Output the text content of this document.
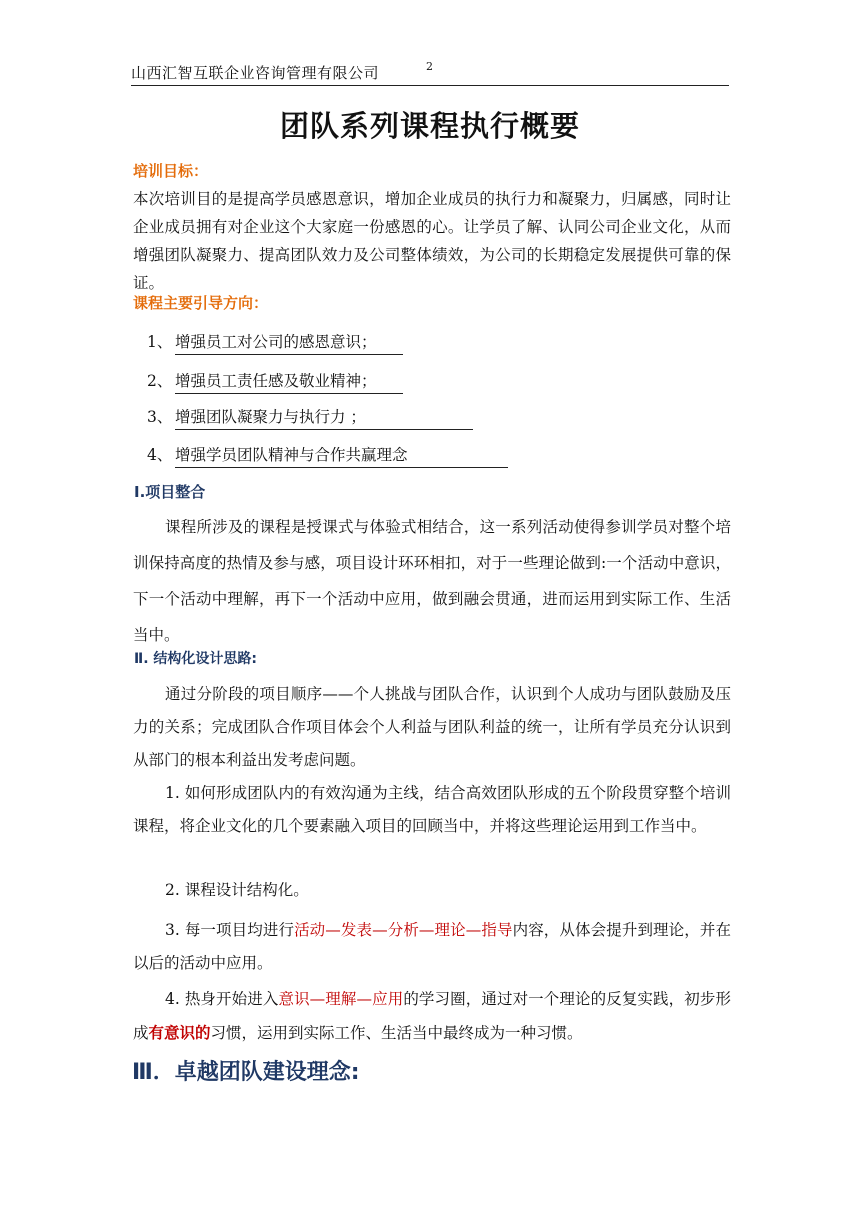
山西汇智互联企业咨询管理有限公司	2
团队系列课程执行概要
培训目标：
本次培训目的是提高学员感恩意识，增加企业成员的执行力和凝聚力，归属感，同时让企业成员拥有对企业这个大家庭一份感恩的心。让学员了解、认同公司企业文化，从而增强团队凝聚力、提高团队效力及公司整体绩效，为公司的长期稳定发展提供可靠的保证。
课程主要引导方向：
1、 增强员工对公司的感恩意识；
2、 增强员工责任感及敬业精神；
3、 增强团队凝聚力与执行力 ；
4、 增强学员团队精神与合作共赢理念
Ⅰ.项目整合
课程所涉及的课程是授课式与体验式相结合，这一系列活动使得参训学员对整个培训保持高度的热情及参与感，项目设计环环相扣，对于一些理论做到:一个活动中意识，下一个活动中理解，再下一个活动中应用，做到融会贯通，进而运用到实际工作、生活当中。
Ⅱ. 结构化设计思路:
通过分阶段的项目顺序——个人挑战与团队合作，认识到个人成功与团队鼓励及压力的关系；完成团队合作项目体会个人利益与团队利益的统一，让所有学员充分认识到从部门的根本利益出发考虑问题。
1. 如何形成团队内的有效沟通为主线，结合高效团队形成的五个阶段贯穿整个培训课程，将企业文化的几个要素融入项目的回顾当中，并将这些理论运用到工作当中。
2. 课程设计结构化。
3. 每一项目均进行活动—发表—分析—理论—指导内容，从体会提升到理论，并在以后的活动中应用。
4. 热身开始进入意识—理解—应用的学习圈，通过对一个理论的反复实践，初步形成有意识的习惯，运用到实际工作、生活当中最终成为一种习惯。
Ⅲ．卓越团队建设理念:
